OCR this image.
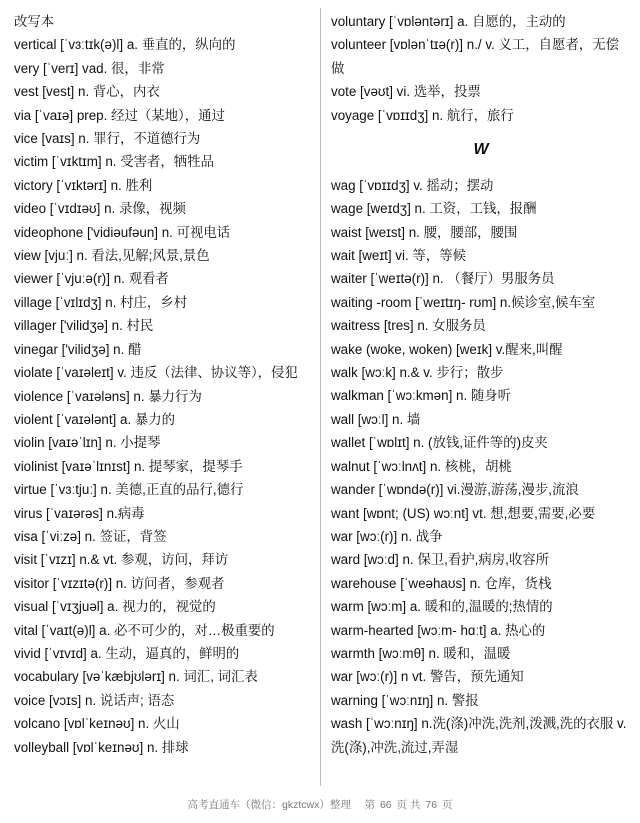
改写本
vertical [ˈvɜːtɪk(ə)l] a. 垂直的，纵向的
very [ˈverɪ] vad. 很，非常
vest [vest] n. 背心，内衣
via [ˈvaɪə] prep. 经过（某地），通过
vice [vaɪs] n. 罪行，不道德行为
victim [ˈvɪktɪm] n. 受害者，牺牲品
victory [ˈvɪktərɪ] n. 胜利
video [ˈvɪdɪəʊ] n. 录像，视频
videophone ['vidiəufəun] n. 可视电话
view [vjuː] n. 看法,见解;风景,景色
viewer [ˈvjuːə(r)] n. 观看者
village [ˈvɪlɪdʒ] n. 村庄，乡村
villager ['vilidʒə] n. 村民
vinegar ['vilidʒə] n. 醋
violate [ˈvaɪəleɪt] v. 违反（法律、协议等），侵犯
violence [ˈvaɪələns] n. 暴力行为
violent [ˈvaɪələnt] a. 暴力的
violin [vaɪəˈlɪn] n. 小提琴
violinist [vaɪəˈlɪnɪst] n. 提琴家，提琴手
virtue [ˈvɜːtjuː] n. 美德,正直的品行,德行
virus [ˈvaɪərəs] n.病毒
visa [ˈviːzə] n. 签证，背签
visit [ˈvɪzɪ] n.& vt. 参观，访问，拜访
visitor [ˈvɪzɪtə(r)] n. 访问者，参观者
visual [ˈvɪʒjuəl] a. 视力的，视觉的
vital [ˈvaɪt(ə)l] a. 必不可少的，对…极重要的
vivid [ˈvɪvɪd] a. 生动，逼真的，鲜明的
vocabulary [vəˈkæbjʊlərɪ] n. 词汇, 词汇表
voice [vɔɪs] n. 说话声; 语态
volcano [vɒlˈkeɪnəʊ] n. 火山
volleyball [vɒlˈkeɪnəʊ] n. 排球
voluntary [ˈvɒləntərɪ] a. 自愿的，主动的
volunteer [vɒlənˈtɪə(r)] n./ v. 义工，自愿者，无偿做
vote [vəʊt] vi. 选举，投票
voyage [ˈvɒɪɪdʒ] n. 航行，旅行
W
wag [ˈvɒɪɪdʒ] v. 摇动；摆动
wage [weɪdʒ] n. 工资，工钱，报酬
waist [weɪst] n. 腰，腰部，腰围
wait [weɪt] vi. 等，等候
waiter [ˈweɪtə(r)] n. （餐厅）男服务员
waiting -room [ˈweɪtɪŋ- rʊm] n.候诊室,候车室
waitress [tres] n. 女服务员
wake (woke, woken) [weɪk] v.醒来,叫醒
walk [wɔːk] n.& v. 步行；散步
walkman [ˈwɔːkmən] n. 随身听
wall [wɔːl] n. 墙
wallet [ˈwɒlɪt] n. (放钱,证件等的)皮夹
walnut [ˈwɔːlnʌt] n. 核桃，胡桃
wander [ˈwɒndə(r)] vi.漫游,游荡,漫步,流浪
want [wɒnt; (US) wɔːnt] vt. 想,想要,需要,必要
war [wɔː(r)] n. 战争
ward [wɔːd] n. 保卫,看护,病房,收容所
warehouse [ˈweəhaʊs] n. 仓库，货栈
warm [wɔːm] a. 暖和的,温暖的;热情的
warm-hearted [wɔːm- hɑːt] a. 热心的
warmth [wɔːmθ] n. 暖和，温暖
war [wɔː(r)] n vt. 警告，预先通知
warning [ˈwɔːnɪŋ] n. 警报
wash [ˈwɔːnɪŋ] n.洗(涤)冲洗,洗剂,泼溅,洗的衣服 v.洗(涤),冲洗,流过,弄湿
高考直通车（微信：gkztcwx）整理 第 66 页 共 76 页
